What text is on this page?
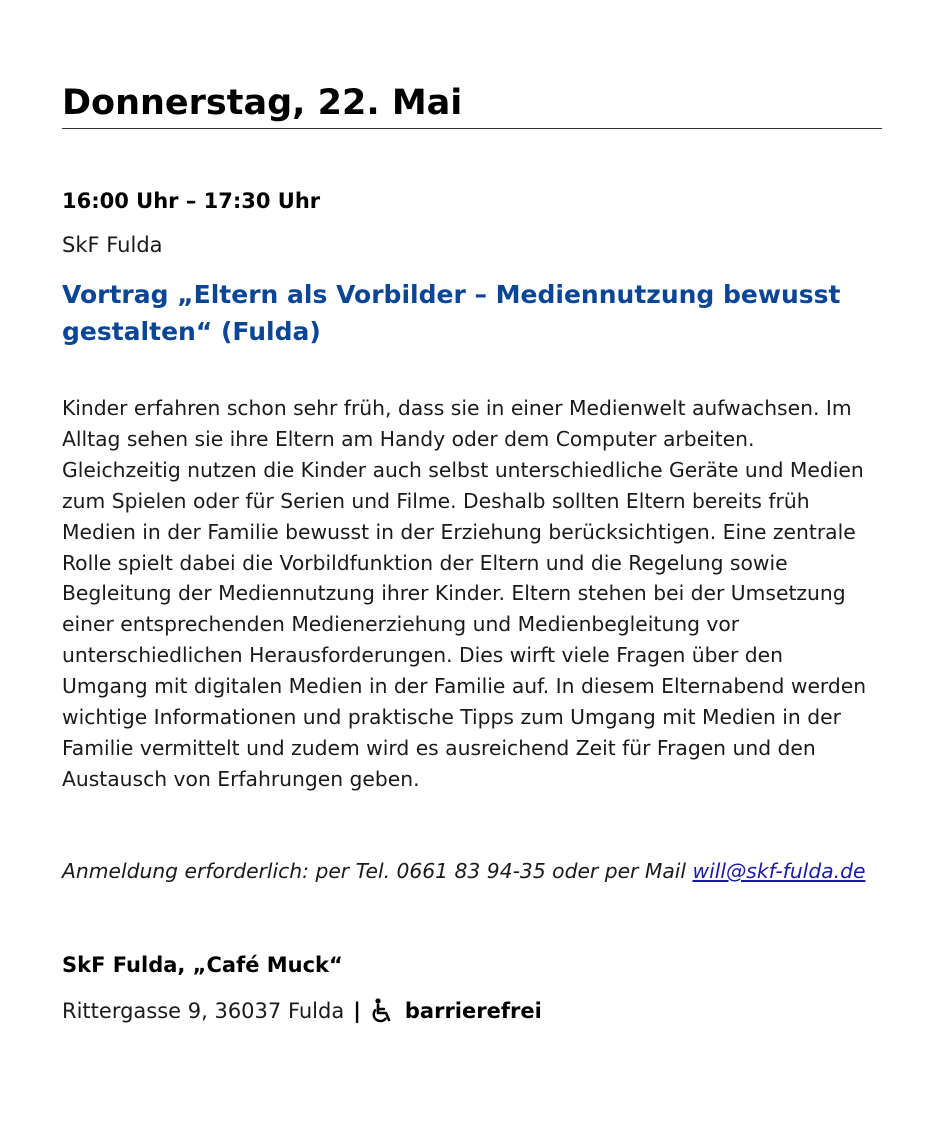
Donnerstag, 22. Mai
16:00 Uhr – 17:30 Uhr
SkF Fulda
Vortrag „Eltern als Vorbilder – Mediennutzung bewusst gestalten“ (Fulda)

Kinder erfahren schon sehr früh, dass sie in einer Medienwelt aufwachsen. Im Alltag sehen sie ihre Eltern am Handy oder dem Computer arbeiten. Gleichzeitig nutzen die Kinder auch selbst unterschiedliche Geräte und Medien zum Spielen oder für Serien und Filme. Deshalb sollten Eltern bereits früh Medien in der Familie bewusst in der Erziehung berücksichtigen. Eine zentrale Rolle spielt dabei die Vorbildfunktion der Eltern und die Regelung sowie Begleitung der Mediennutzung ihrer Kinder. Eltern stehen bei der Umsetzung einer entsprechenden Medienerziehung und Medienbegleitung vor unterschiedlichen Herausforderungen. Dies wirft viele Fragen über den Umgang mit digitalen Medien in der Familie auf. In diesem Elternabend werden wichtige Informationen und praktische Tipps zum Umgang mit Medien in der Familie vermittelt und zudem wird es ausreichend Zeit für Fragen und den Austausch von Erfahrungen geben.

Anmeldung erforderlich: per Tel. 0661 83 94-35 oder per Mail will@skf-fulda.de

SkF Fulda, „Café Muck“
Rittergasse 9, 36037 Fulda | barrierefrei
